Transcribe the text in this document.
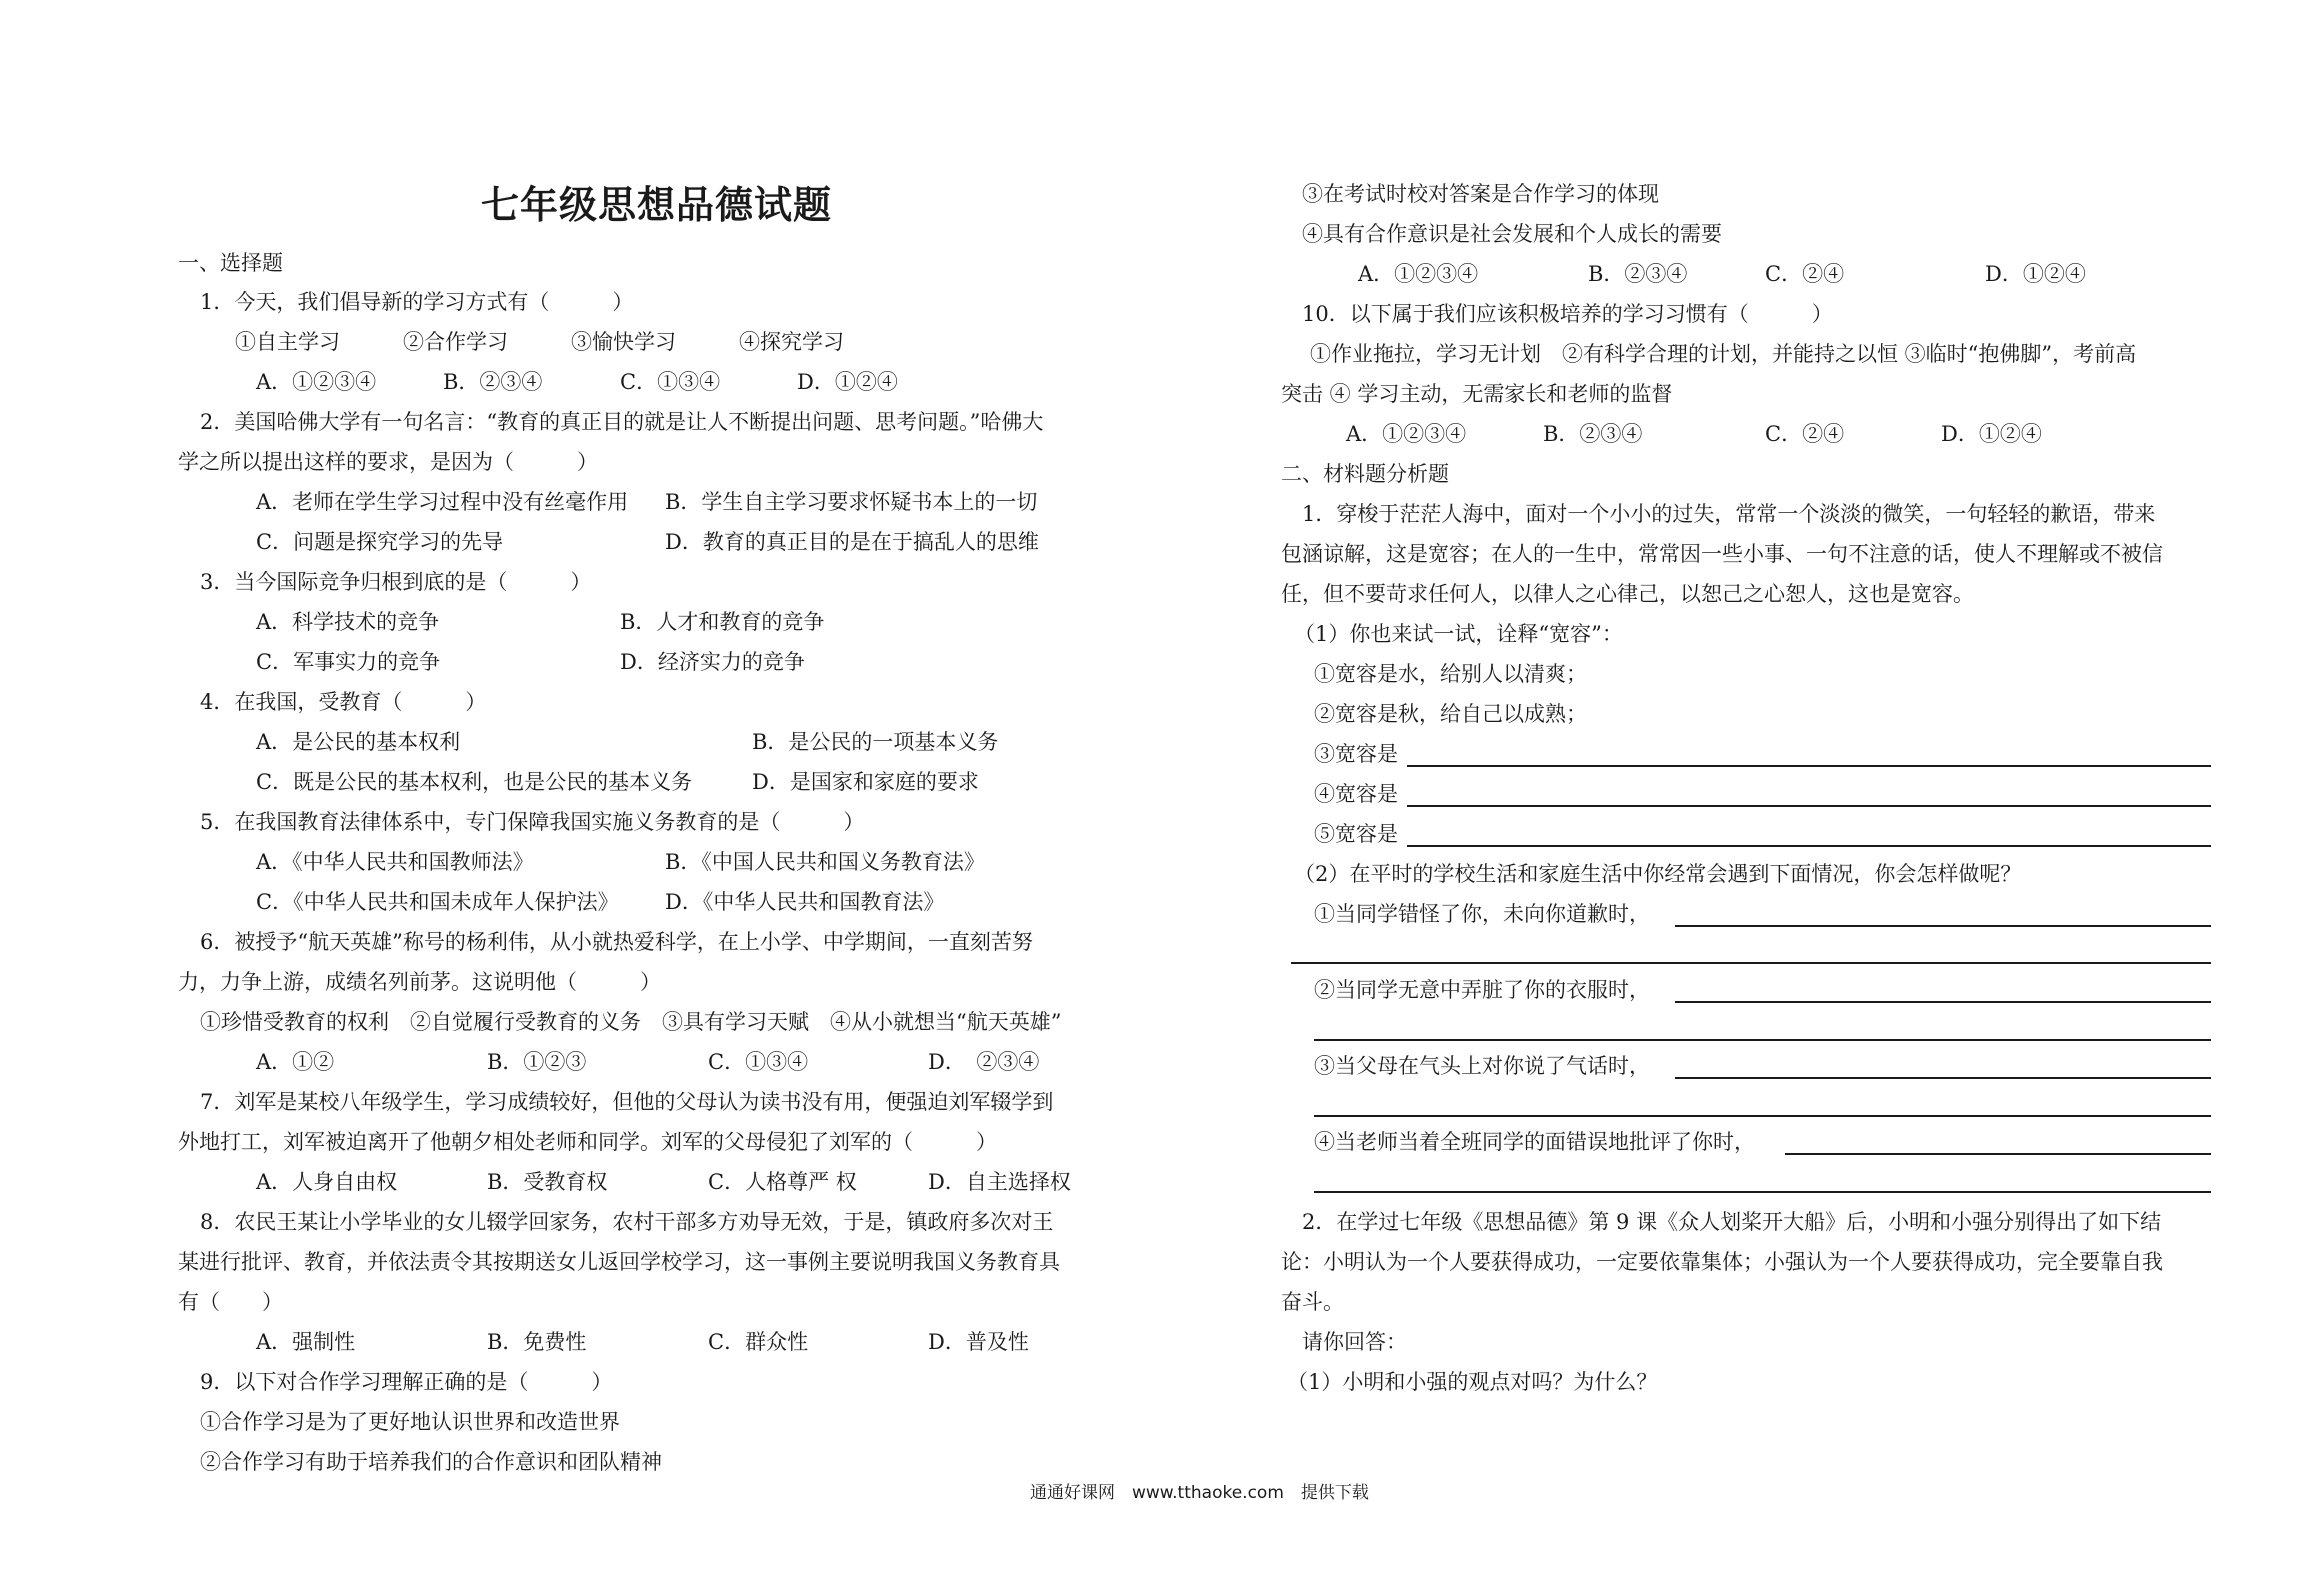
七年级思想品德试题
一、选择题
1．今天，我们倡导新的学习方式有（　　　）
①自主学习　　　②合作学习　　　③愉快学习　　　④探究学习
A．①②③④	B．②③④	C．①③④	D．①②④
2．美国哈佛大学有一句名言：“教育的真正目的就是让人不断提出问题、思考问题。”哈佛大
学之所以提出这样的要求，是因为（　　　）
A．老师在学生学习过程中没有丝毫作用 B．学生自主学习要求怀疑书本上的一切
C．问题是探究学习的先导	D．教育的真正目的是在于搞乱人的思维
3．当今国际竞争归根到底的是（　　　）
A．科学技术的竞争	B．人才和教育的竞争
C．军事实力的竞争	D．经济实力的竞争
4．在我国，受教育（　　　）
A．是公民的基本权利	B．是公民的一项基本义务
C．既是公民的基本权利，也是公民的基本义务	D．是国家和家庭的要求
5．在我国教育法律体系中，专门保障我国实施义务教育的是（　　　）
A．《中华人民共和国教师法》	B．《中国人民共和国义务教育法》
C．《中华人民共和国未成年人保护法》 D．《中华人民共和国教育法》
6．被授予“航天英雄”称号的杨利伟，从小就热爱科学，在上小学、中学期间，一直刻苦努
力，力争上游，成绩名列前茅。这说明他（　　　）
①珍惜受教育的权利　②自觉履行受教育的义务　③具有学习天赋　④从小就想当“航天英雄”
A．①②	B．①②③	C．①③④	D．　②③④
7．刘军是某校八年级学生，学习成绩较好，但他的父母认为读书没有用，便强迫刘军辍学到
外地打工，刘军被迫离开了他朝夕相处老师和同学。刘军的父母侵犯了刘军的（　　　）
A．人身自由权	B．受教育权	C．人格尊严 权	D．自主选择权
8．农民王某让小学毕业的女儿辍学回家务，农村干部多方劝导无效，于是，镇政府多次对王
某进行批评、教育，并依法责令其按期送女儿返回学校学习，这一事例主要说明我国义务教育具
有（　　）
A．强制性	B．免费性	C．群众性	D．普及性
9．以下对合作学习理解正确的是（　　　）
①合作学习是为了更好地认识世界和改造世界
②合作学习有助于培养我们的合作意识和团队精神
③在考试时校对答案是合作学习的体现
④具有合作意识是社会发展和个人成长的需要
A．①②③④	B．②③④	C．②④	D．①②④
10．以下属于我们应该积极培养的学习习惯有（　　　）
①作业拖拉，学习无计划　②有科学合理的计划，并能持之以恒 ③临时“抱佛脚”，考前高
突击 ④ 学习主动，无需家长和老师的监督
A．①②③④	B．②③④	C．②④	D．①②④
二、材料题分析题
1．穿梭于茫茫人海中，面对一个小小的过失，常常一个淡淡的微笑，一句轻轻的歉语，带来
包涵谅解，这是宽容；在人的一生中，常常因一些小事、一句不注意的话，使人不理解或不被信
任，但不要苛求任何人，以律人之心律己，以恕己之心恕人，这也是宽容。
（1）你也来试一试，诠释“宽容”：
①宽容是水，给别人以清爽；
②宽容是秋，给自己以成熟；
③宽容是
④宽容是
⑤宽容是
（2）在平时的学校生活和家庭生活中你经常会遇到下面情况，你会怎样做呢？
①当同学错怪了你，未向你道歉时，
②当同学无意中弄脏了你的衣服时，
③当父母在气头上对你说了气话时，
④当老师当着全班同学的面错误地批评了你时，
2．在学过七年级《思想品德》第 9 课《众人划桨开大船》后，小明和小强分别得出了如下结
论：小明认为一个人要获得成功，一定要依靠集体；小强认为一个人要获得成功，完全要靠自我
奋斗。
请你回答：
（1）小明和小强的观点对吗？为什么？
通通好课网　www.tthaoke.com　提供下载
